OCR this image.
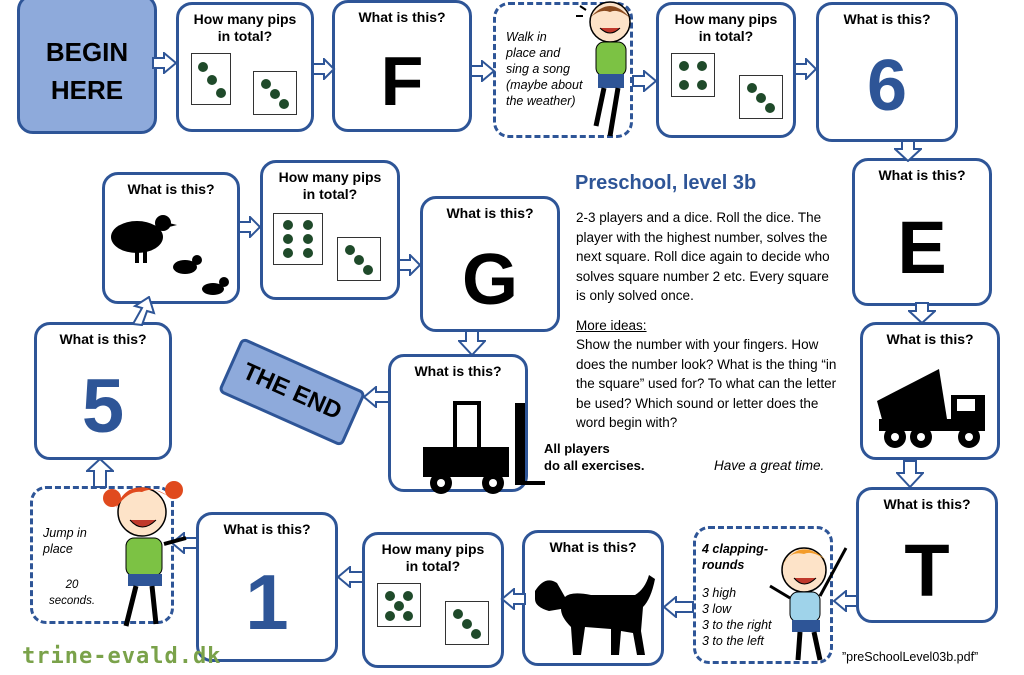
BEGIN
HERE
How many pips
in total?
What is this?
F
Walk in
place and
sing a song
(maybe about
the weather)
How many pips
in total?
What is this?
6
What is this?
E
What is this?
What is this?
T
4 clapping-
rounds
3 high
3 low
3 to the right
3 to the left
What is this?
How many pips
in total?
What is this?
1
Jump in
place
20
seconds.
What is this?
5
What is this?
How many pips
in total?
What is this?
G
What is this?
All players
do all exercises.
THE END
Preschool, level 3b
2-3 players and a dice. Roll the dice. The player with the highest number, solves the next square. Roll dice again to decide who solves square number 2 etc. Every square is only solved once.
More ideas:
Show the number with your fingers. How does the number look? What is the thing “in the square” used for? To what can the letter be used? Which sound or letter does the word begin with?
Have a great time.
”preSchoolLevel03b.pdf”
trine-evald.dk
